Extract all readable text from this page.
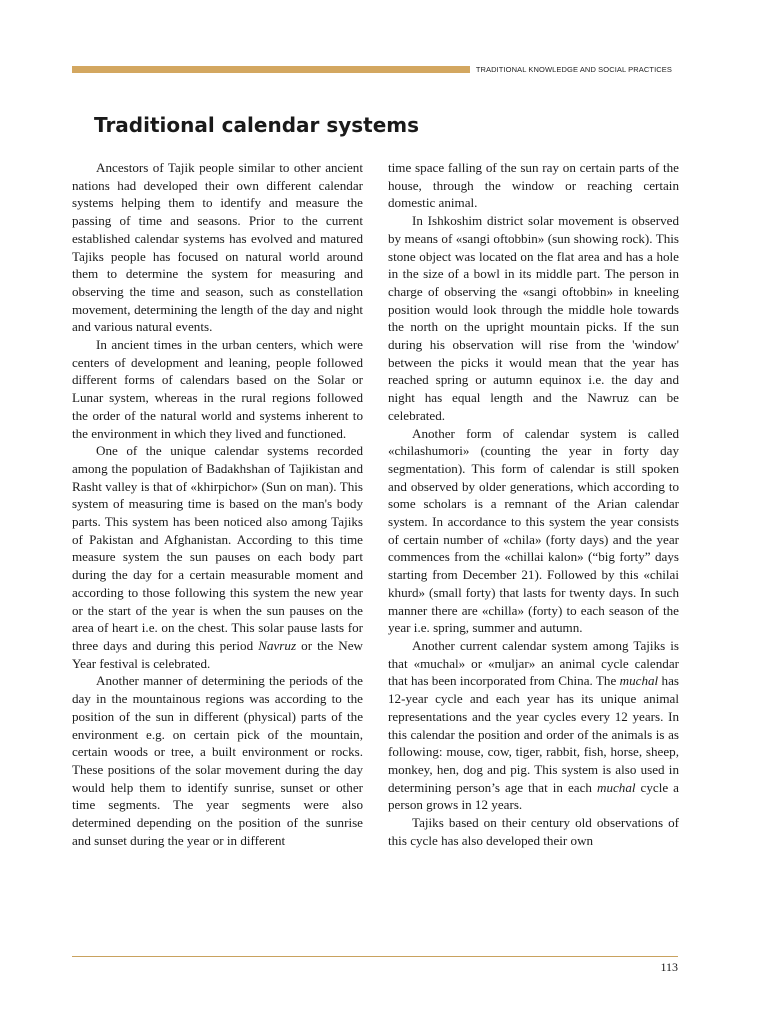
TRADITIONAL KNOWLEDGE AND SOCIAL PRACTICES
Traditional calendar systems

Ancestors of Tajik people similar to other ancient nations had developed their own different calendar systems helping them to identify and measure the passing of time and seasons. Prior to the current established calendar systems has evolved and matured Tajiks people has focused on natural world around them to determine the system for measuring and observing the time and season, such as constellation movement, determining the length of the day and night and various natural events.

In ancient times in the urban centers, which were centers of development and leaning, people followed different forms of calendars based on the Solar or Lunar system, whereas in the rural regions followed the order of the natural world and systems inherent to the environment in which they lived and functioned.

One of the unique calendar systems recorded among the population of Badakhshan of Tajikistan and Rasht valley is that of «khirpichor» (Sun on man). This system of measuring time is based on the man's body parts. This system has been noticed also among Tajiks of Pakistan and Afghanistan. According to this time measure system the sun pauses on each body part during the day for a certain measurable moment and according to those following this system the new year or the start of the year is when the sun pauses on the area of heart i.e. on the chest. This solar pause lasts for three days and during this period Navruz or the New Year festival is celebrated.

Another manner of determining the periods of the day in the mountainous regions was according to the position of the sun in different (physical) parts of the environment e.g. on certain pick of the mountain, certain woods or tree, a built environment or rocks. These positions of the solar movement during the day would help them to identify sunrise, sunset or other time segments. The year segments were also determined depending on the position of the sunrise and sunset during the year or in different

time space falling of the sun ray on certain parts of the house, through the window or reaching certain domestic animal.

In Ishkoshim district solar movement is observed by means of «sangi oftobbin» (sun showing rock). This stone object was located on the flat area and has a hole in the size of a bowl in its middle part. The person in charge of observing the «sangi oftobbin» in kneeling position would look through the middle hole towards the north on the upright mountain picks. If the sun during his observation will rise from the 'window' between the picks it would mean that the year has reached spring or autumn equinox i.e. the day and night has equal length and the Nawruz can be celebrated.

Another form of calendar system is called «chilashumori» (counting the year in forty day segmentation). This form of calendar is still spoken and observed by older generations, which according to some scholars is a remnant of the Arian calendar system. In accordance to this system the year consists of certain number of «chila» (forty days) and the year commences from the «chillai kalon» (“big forty” days starting from December 21). Followed by this «chilai khurd» (small forty) that lasts for twenty days. In such manner there are «chilla» (forty) to each season of the year i.e. spring, summer and autumn.

Another current calendar system among Tajiks is that «muchal» or «muljar» an animal cycle calendar that has been incorporated from China. The muchal has 12-year cycle and each year has its unique animal representations and the year cycles every 12 years. In this calendar the position and order of the animals is as following: mouse, cow, tiger, rabbit, fish, horse, sheep, monkey, hen, dog and pig. This system is also used in determining person’s age that in each muchal cycle a person grows in 12 years.

Tajiks based on their century old observations of this cycle has also developed their own

113
